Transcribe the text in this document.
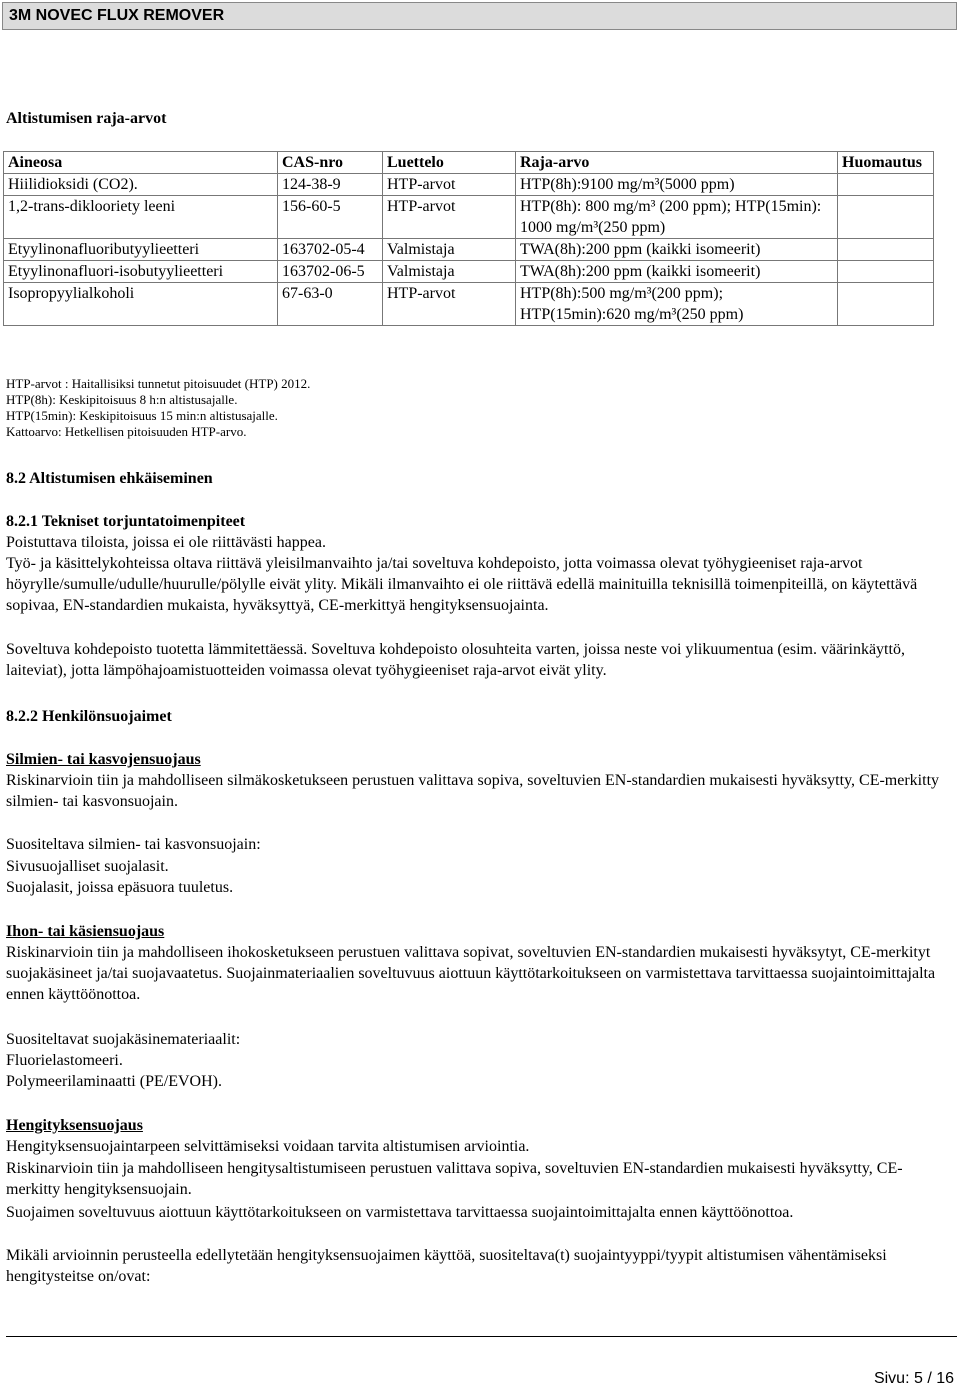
3M NOVEC FLUX REMOVER
Altistumisen raja-arvot
Aineosa	CAS-nro	Luettelo	Raja-arvo	Huomautus
Hiilidioksidi (CO2).	124-38-9	HTP-arvot	HTP(8h):9100 mg/m³(5000 ppm)	
1,2-trans-diklooriety leeni	156-60-5	HTP-arvot	HTP(8h): 800 mg/m³ (200 ppm); HTP(15min): 1000 mg/m³(250 ppm)	
Etyylinonafluoributyylieetteri	163702-05-4	Valmistaja	TWA(8h):200 ppm (kaikki isomeerit)	
Etyylinonafluori-isobutyylieetteri	163702-06-5	Valmistaja	TWA(8h):200 ppm (kaikki isomeerit)	
Isopropyylialkoholi	67-63-0	HTP-arvot	HTP(8h):500 mg/m³(200 ppm); HTP(15min):620 mg/m³(250 ppm)	
HTP-arvot : Haitallisiksi tunnetut pitoisuudet (HTP) 2012.
HTP(8h): Keskipitoisuus 8 h:n altistusajalle.
HTP(15min): Keskipitoisuus 15 min:n altistusajalle.
Kattoarvo: Hetkellisen pitoisuuden HTP-arvo.
8.2 Altistumisen ehkäiseminen
8.2.1 Tekniset torjuntatoimenpiteet
Poistuttava tiloista, joissa ei ole riittävästi happea.
Työ- ja käsittelykohteissa oltava riittävä yleisilmanvaihto ja/tai soveltuva kohdepoisto, jotta voimassa olevat työhygieeniset raja-arvot höyrylle/sumulle/udulle/huurulle/pölylle eivät ylity. Mikäli ilmanvaihto ei ole riittävä edellä mainituilla teknisillä toimenpiteillä, on käytettävä sopivaa, EN-standardien mukaista, hyväksyttyä, CE-merkittyä hengityksensuojainta.
Soveltuva kohdepoisto tuotetta lämmitettäessä. Soveltuva kohdepoisto olosuhteita varten, joissa neste voi ylikuumentua (esim. väärinkäyttö, laiteviat), jotta lämpöhajoamistuotteiden voimassa olevat työhygieeniset raja-arvot eivät ylity.
8.2.2 Henkilönsuojaimet
Silmien- tai kasvojensuojaus
Riskinarvioin tiin ja mahdolliseen silmäkosketukseen perustuen valittava sopiva, soveltuvien EN-standardien mukaisesti hyväksytty, CE-merkitty silmien- tai kasvonsuojain.
Suositeltava silmien- tai kasvonsuojain:
Sivusuojalliset suojalasit.
Suojalasit, joissa epäsuora tuuletus.
Ihon- tai käsiensuojaus
Riskinarvioin tiin ja mahdolliseen ihokosketukseen perustuen valittava sopivat, soveltuvien EN-standardien mukaisesti hyväksytyt, CE-merkityt suojakäsineet ja/tai suojavaatetus. Suojainmateriaalien soveltuvuus aiottuun käyttötarkoitukseen on varmistettava tarvittaessa suojaintoimittajalta ennen käyttöönottoa.
Suositeltavat suojakäsinemateriaalit:
Fluorielastomeeri.
Polymeerilaminaatti (PE/EVOH).
Hengityksensuojaus
Hengityksensuojaintarpeen selvittämiseksi voidaan tarvita altistumisen arviointia.
Riskinarvioin tiin ja mahdolliseen hengitysaltistumiseen perustuen valittava sopiva, soveltuvien EN-standardien mukaisesti hyväksytty, CE-merkitty hengityksensuojain.
Suojaimen soveltuvuus aiottuun käyttötarkoitukseen on varmistettava tarvittaessa suojaintoimittajalta ennen käyttöönottoa.
Mikäli arvioinnin perusteella edellytetään hengityksensuojaimen käyttöä, suositeltava(t) suojaintyyppi/tyypit altistumisen vähentämiseksi hengitysteitse on/ovat:
Sivu: 5 / 16
